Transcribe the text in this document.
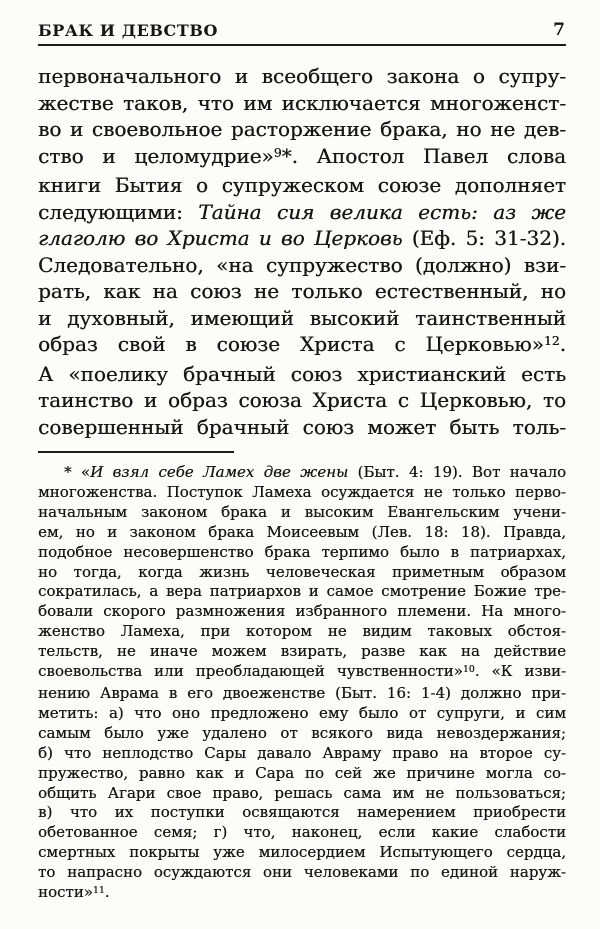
БРАК И ДЕВСТВО	7
первоначального и всеобщего закона о супру-
жестве таков, что им исключается многоженст-
во и своевольное расторжение брака, но не дев-
ство и целомудрие»$^9$*. Апостол Павел слова
книги Бытия о супружеском союзе дополняет
следующими: Тайна сия велика есть: аз же
глаголю во Христа и во Церковь (Еф. 5: 31-32).
Следовательно, «на супружество (должно) взи-
рать, как на союз не только естественный, но
и духовный, имеющий высокий таинственный
образ свой в союзе Христа с Церковью»$^{12}$.
А «поелику брачный союз христианский есть
таинство и образ союза Христа с Церковью, то
совершенный брачный союз может быть толь-
* «И взял себе Ламех две жены (Быт. 4: 19). Вот начало
многоженства. Поступок Ламеха осуждается не только перво-
начальным законом брака и высоким Евангельским учени-
ем, но и законом брака Моисеевым (Лев. 18: 18). Правда,
подобное несовершенство брака терпимо было в патриархах,
но тогда, когда жизнь человеческая приметным образом
сократилась, а вера патриархов и самое смотрение Божие тре-
бовали скорого размножения избранного племени. На много-
женство Ламеха, при котором не видим таковых обстоя-
тельств, не иначе можем взирать, разве как на действие
своевольства или преобладающей чувственности»$^{10}$. «К изви-
нению Аврама в его двоеженстве (Быт. 16: 1-4) должно при-
метить: а) что оно предложено ему было от супруги, и сим
самым было уже удалено от всякого вида невоздержания;
б) что неплодство Сары давало Авраму право на второе су-
пружество, равно как и Сара по сей же причине могла со-
общить Агари свое право, решась сама им не пользоваться;
в) что их поступки освящаются намерением приобрести
обетованное семя; г) что, наконец, если какие слабости
смертных покрыты уже милосердием Испытующего сердца,
то напрасно осуждаются они человеками по единой наруж-
ности»$^{11}$.
